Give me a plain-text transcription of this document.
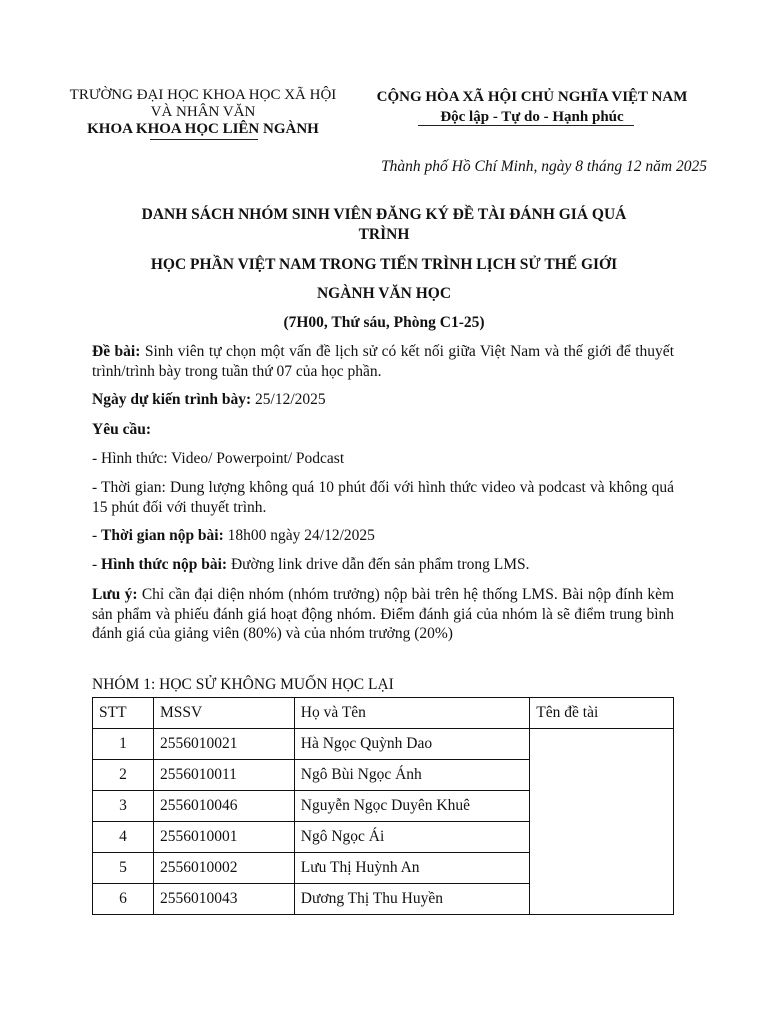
TRƯỜNG ĐẠI HỌC KHOA HỌC XÃ HỘI
VÀ NHÂN VĂN
KHOA KHOA HỌC LIÊN NGÀNH
CỘNG HÒA XÃ HỘI CHỦ NGHĨA VIỆT NAM
Độc lập - Tự do - Hạnh phúc
Thành phố Hồ Chí Minh, ngày 8 tháng 12 năm 2025
DANH SÁCH NHÓM SINH VIÊN ĐĂNG KÝ ĐỀ TÀI ĐÁNH GIÁ QUÁ
TRÌNH
HỌC PHẦN VIỆT NAM TRONG TIẾN TRÌNH LỊCH SỬ THẾ GIỚI
NGÀNH VĂN HỌC
(7H00, Thứ sáu, Phòng C1-25)
Đề bài: Sinh viên tự chọn một vấn đề lịch sử có kết nối giữa Việt Nam và thế giới để thuyết trình/trình bày trong tuần thứ 07 của học phần.
Ngày dự kiến trình bày: 25/12/2025
Yêu cầu:
- Hình thức: Video/ Powerpoint/ Podcast
- Thời gian: Dung lượng không quá 10 phút đối với hình thức video và podcast và không quá 15 phút đối với thuyết trình.
- Thời gian nộp bài: 18h00 ngày 24/12/2025
- Hình thức nộp bài: Đường link drive dẫn đến sản phẩm trong LMS.
Lưu ý: Chỉ cần đại diện nhóm (nhóm trưởng) nộp bài trên hệ thống LMS. Bài nộp đính kèm sản phẩm và phiếu đánh giá hoạt động nhóm. Điểm đánh giá của nhóm là sẽ điểm trung bình đánh giá của giảng viên (80%) và của nhóm trưởng (20%)
NHÓM 1: HỌC SỬ KHÔNG MUỐN HỌC LẠI
STT	MSSV	Họ và Tên	Tên đề tài
1	2556010021	Hà Ngọc Quỳnh Dao	
2	2556010011	Ngô Bùi Ngọc Ánh	
3	2556010046	Nguyễn Ngọc Duyên Khuê	
4	2556010001	Ngô Ngọc Ái	
5	2556010002	Lưu Thị Huỳnh An	
6	2556010043	Dương Thị Thu Huyền	
